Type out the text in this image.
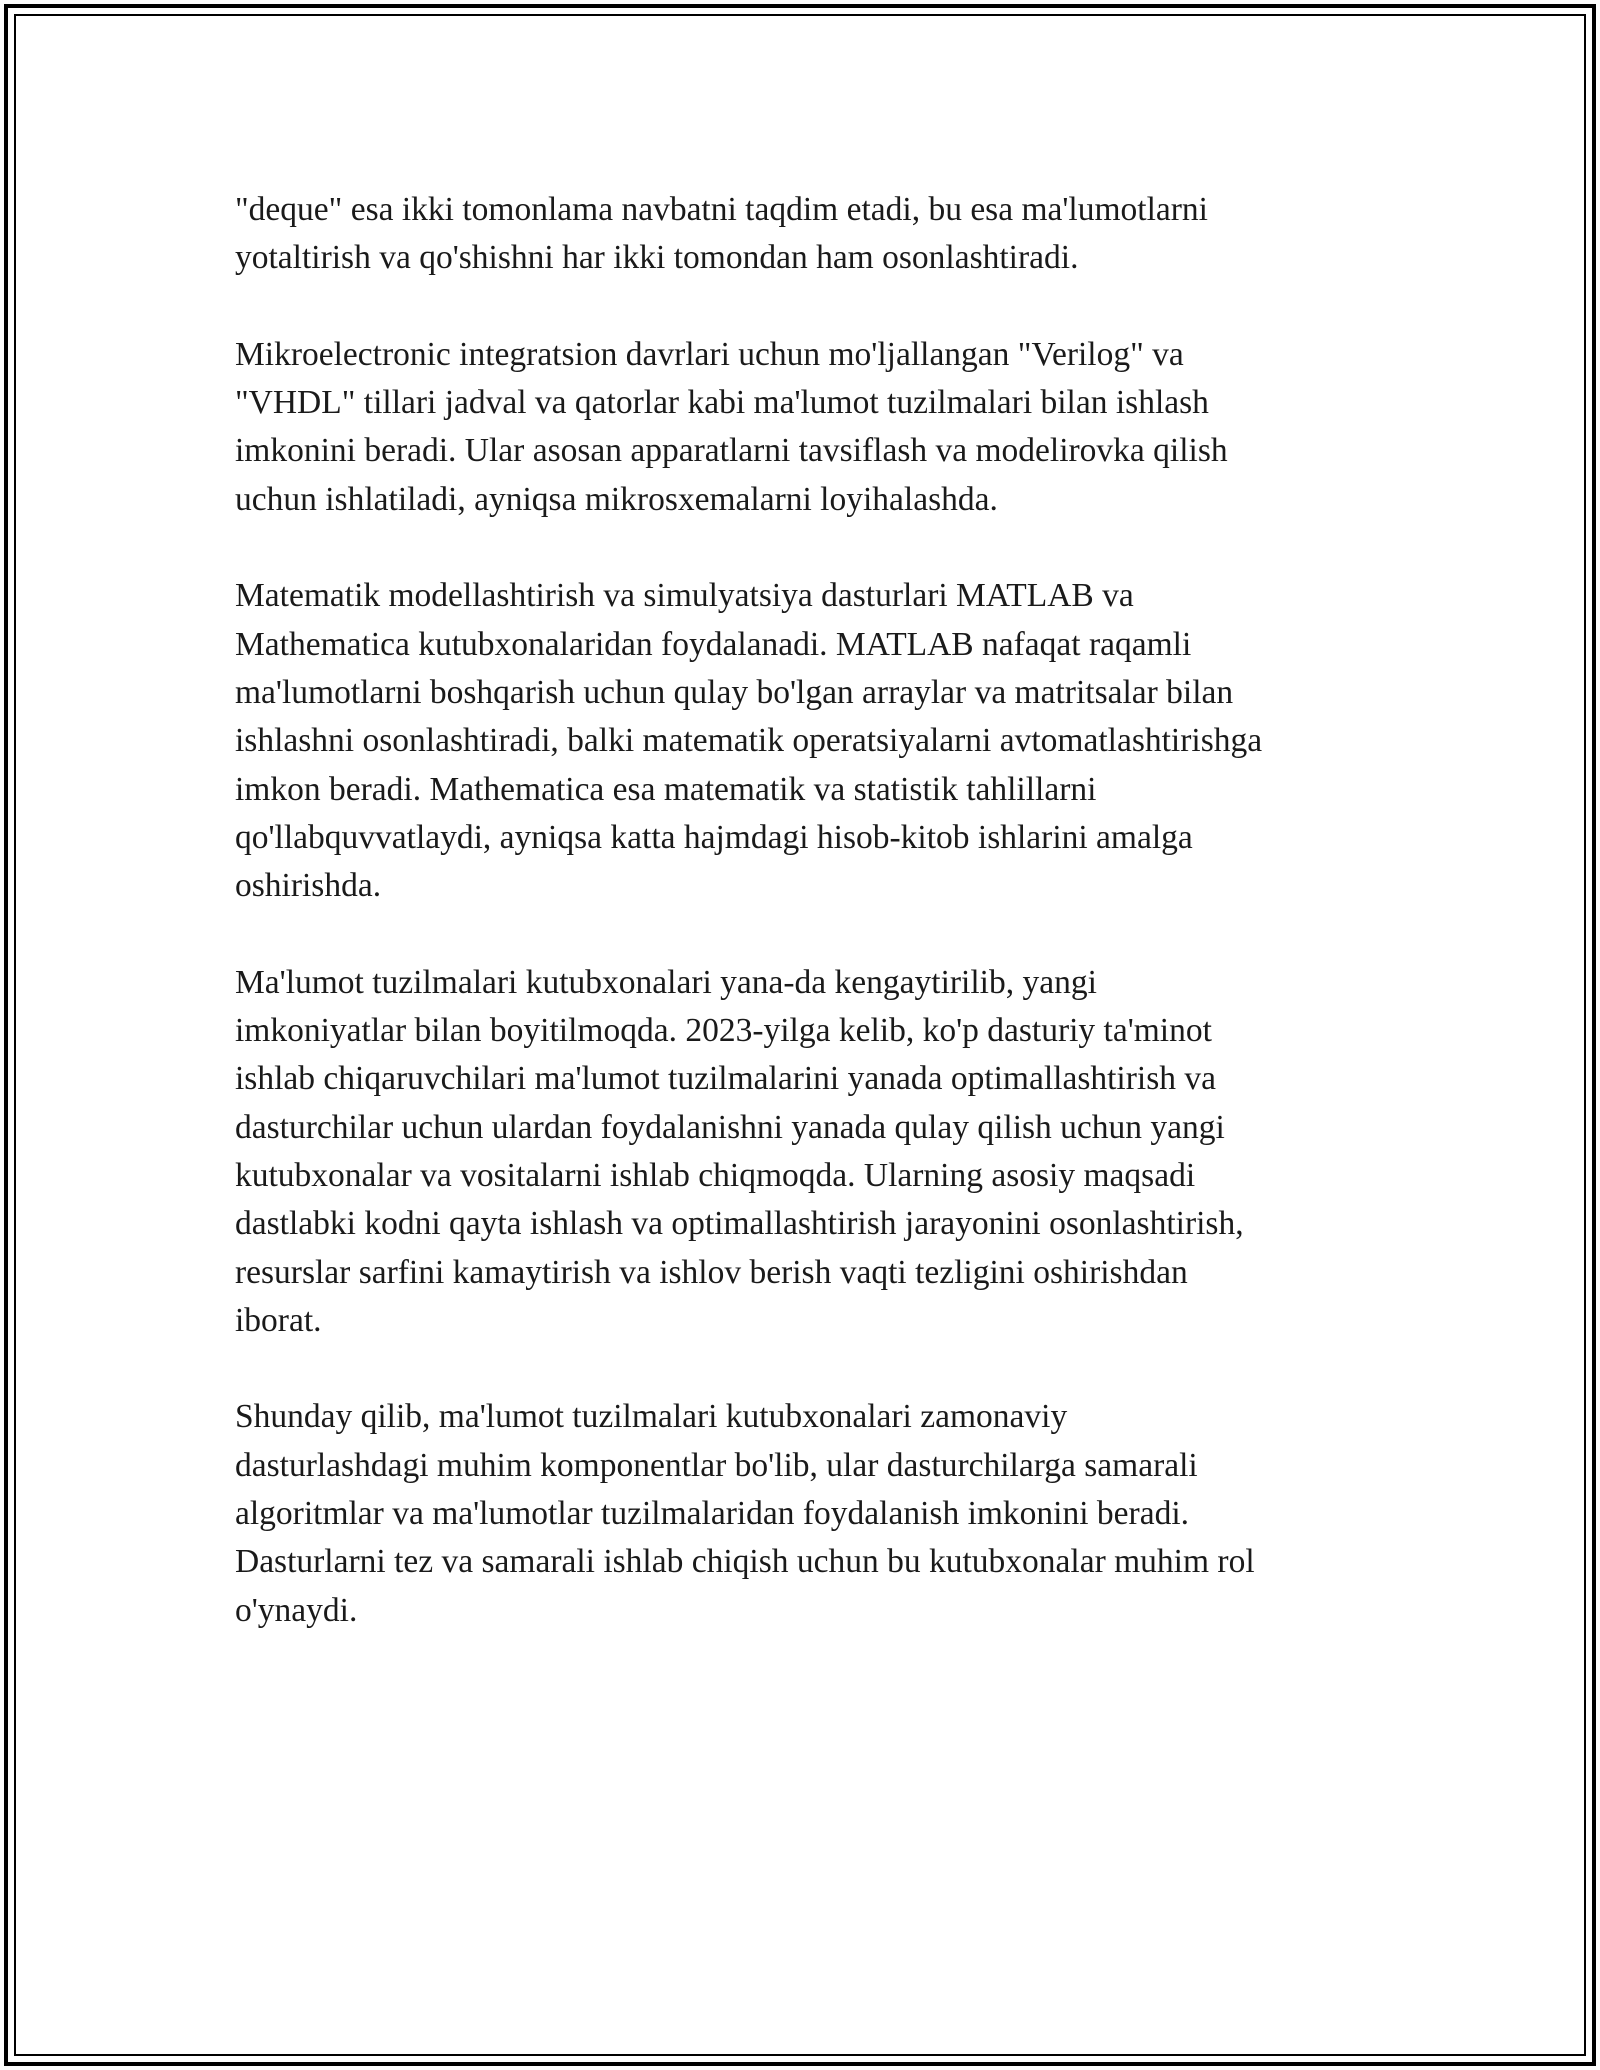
"deque" esa ikki tomonlama navbatni taqdim etadi, bu esa ma'lumotlarni
yotaltirish va qo'shishni har ikki tomondan ham osonlashtiradi.

Mikroelectronic integratsion davrlari uchun mo'ljallangan "Verilog" va
"VHDL" tillari jadval va qatorlar kabi ma'lumot tuzilmalari bilan ishlash
imkonini beradi. Ular asosan apparatlarni tavsiflash va modelirovka qilish
uchun ishlatiladi, ayniqsa mikrosxemalarni loyihalashda.

Matematik modellashtirish va simulyatsiya dasturlari MATLAB va
Mathematica kutubxonalaridan foydalanadi. MATLAB nafaqat raqamli
ma'lumotlarni boshqarish uchun qulay bo'lgan arraylar va matritsalar bilan
ishlashni osonlashtiradi, balki matematik operatsiyalarni avtomatlashtirishga
imkon beradi. Mathematica esa matematik va statistik tahlillarni
qo'llabquvvatlaydi, ayniqsa katta hajmdagi hisob-kitob ishlarini amalga
oshirishda.

Ma'lumot tuzilmalari kutubxonalari yana-da kengaytirilib, yangi
imkoniyatlar bilan boyitilmoqda. 2023-yilga kelib, ko'p dasturiy ta'minot
ishlab chiqaruvchilari ma'lumot tuzilmalarini yanada optimallashtirish va
dasturchilar uchun ulardan foydalanishni yanada qulay qilish uchun yangi
kutubxonalar va vositalarni ishlab chiqmoqda. Ularning asosiy maqsadi
dastlabki kodni qayta ishlash va optimallashtirish jarayonini osonlashtirish,
resurslar sarfini kamaytirish va ishlov berish vaqti tezligini oshirishdan
iborat.

Shunday qilib, ma'lumot tuzilmalari kutubxonalari zamonaviy
dasturlashdagi muhim komponentlar bo'lib, ular dasturchilarga samarali
algoritmlar va ma'lumotlar tuzilmalaridan foydalanish imkonini beradi.
Dasturlarni tez va samarali ishlab chiqish uchun bu kutubxonalar muhim rol
o'ynaydi.
